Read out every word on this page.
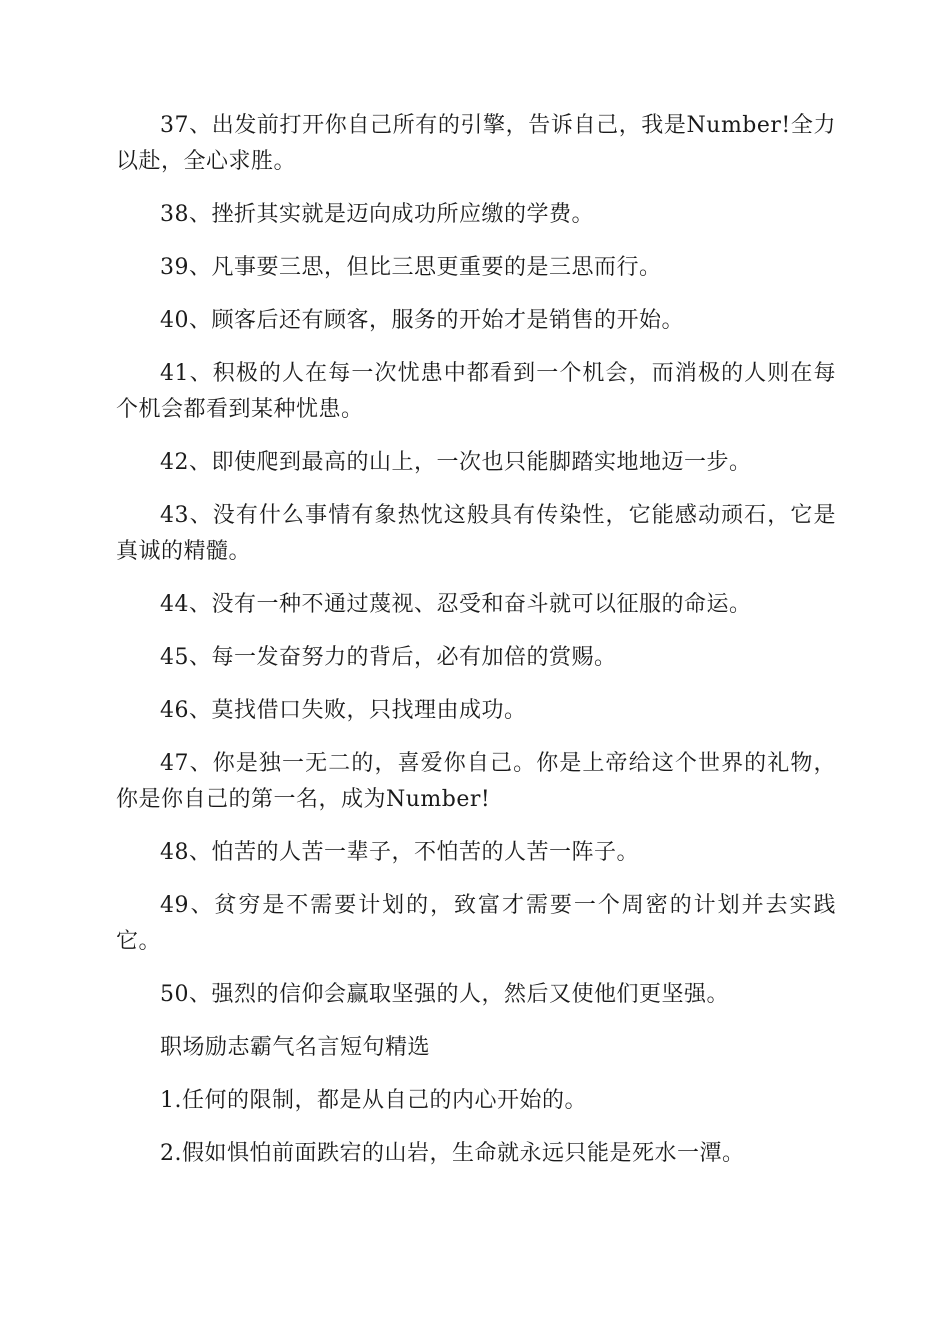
37、出发前打开你自己所有的引擎，告诉自己，我是Number!全力以赴，全心求胜。

38、挫折其实就是迈向成功所应缴的学费。

39、凡事要三思，但比三思更重要的是三思而行。

40、顾客后还有顾客，服务的开始才是销售的开始。

41、积极的人在每一次忧患中都看到一个机会，而消极的人则在每个机会都看到某种忧患。

42、即使爬到最高的山上，一次也只能脚踏实地地迈一步。

43、没有什么事情有象热忱这般具有传染性，它能感动顽石，它是真诚的精髓。

44、没有一种不通过蔑视、忍受和奋斗就可以征服的命运。

45、每一发奋努力的背后，必有加倍的赏赐。

46、莫找借口失败，只找理由成功。

47、你是独一无二的，喜爱你自己。你是上帝给这个世界的礼物，你是你自己的第一名，成为Number!

48、怕苦的人苦一辈子，不怕苦的人苦一阵子。

49、贫穷是不需要计划的，致富才需要一个周密的计划并去实践它。

50、强烈的信仰会赢取坚强的人，然后又使他们更坚强。

职场励志霸气名言短句精选

1.任何的限制，都是从自己的内心开始的。

2.假如惧怕前面跌宕的山岩，生命就永远只能是死水一潭。
